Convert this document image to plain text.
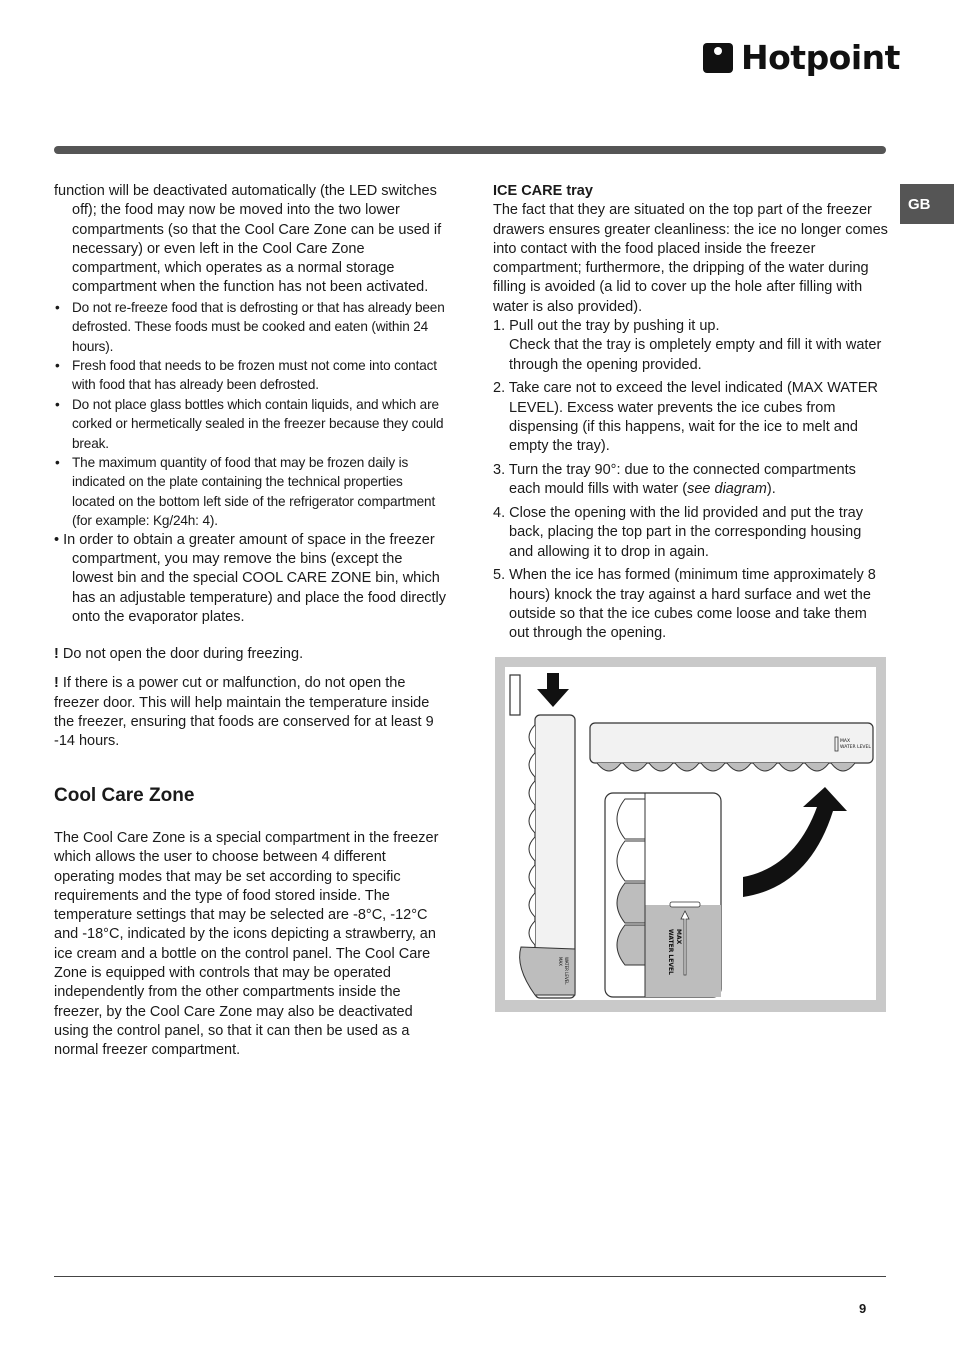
Hotpoint
GB

function will be deactivated automatically (the LED switches off); the food may now be moved into the two lower compartments (so that the Cool Care Zone can be used if necessary) or even left in the Cool Care Zone compartment, which operates as a normal storage compartment when the function has not been activated.

• Do not re-freeze food that is defrosting or that has already been defrosted. These foods must be cooked and eaten (within 24 hours).
• Fresh food that needs to be frozen must not come into contact with food that has already been defrosted.
• Do not place glass bottles which contain liquids, and which are corked or hermetically sealed in the freezer because they could break.
• The maximum quantity of food that may be frozen daily is indicated on the plate containing the technical properties located on the bottom left side of the refrigerator compartment (for example: Kg/24h: 4).

• In order to obtain a greater amount of space in the freezer compartment, you may remove the bins (except the lowest bin and the special COOL CARE ZONE bin, which has an adjustable temperature) and place the food directly onto the evaporator plates.

! Do not open the door during freezing.

! If there is a power cut or malfunction, do not open the freezer door. This will help maintain the temperature inside the freezer, ensuring that foods are conserved for at least 9 -14 hours.

Cool Care Zone

The Cool Care Zone is a special compartment in the freezer which allows the user to choose between 4 different operating modes that may be set according to specific requirements and the type of food stored inside. The temperature settings that may be selected are -8°C, -12°C and -18°C, indicated by the icons depicting a strawberry, an ice cream and a bottle on the control panel. The Cool Care Zone is equipped with controls that may be operated independently from the other compartments inside the freezer, by the Cool Care Zone may also be deactivated using the control panel, so that it can then be used as a normal freezer compartment.

ICE CARE tray

The fact that they are situated on the top part of the freezer drawers ensures greater cleanliness: the ice no longer comes into contact with the food placed inside the freezer compartment; furthermore, the dripping of the water during filling is avoided (a lid to cover up the hole after filling with water is also provided).

1. Pull out the tray by pushing it up.
Check that the tray is ompletely empty and fill it with water through the opening provided.
2. Take care not to exceed the level indicated (MAX WATER LEVEL). Excess water prevents the ice cubes from dispensing (if this happens, wait for the ice to melt and empty the tray).
3. Turn the tray 90°: due to the connected compartments each mould fills with water (see diagram).
4. Close the opening with the lid provided and put the tray back, placing the top part in the corresponding housing and allowing it to drop in again.
5. When the ice has formed (minimum time approximately 8 hours) knock the tray against a hard surface and wet the outside so that the ice cubes come loose and take them out through the opening.
MAX WATER LEVEL
MAX
WATER LEVEL
MAX
WATER LEVEL
9
